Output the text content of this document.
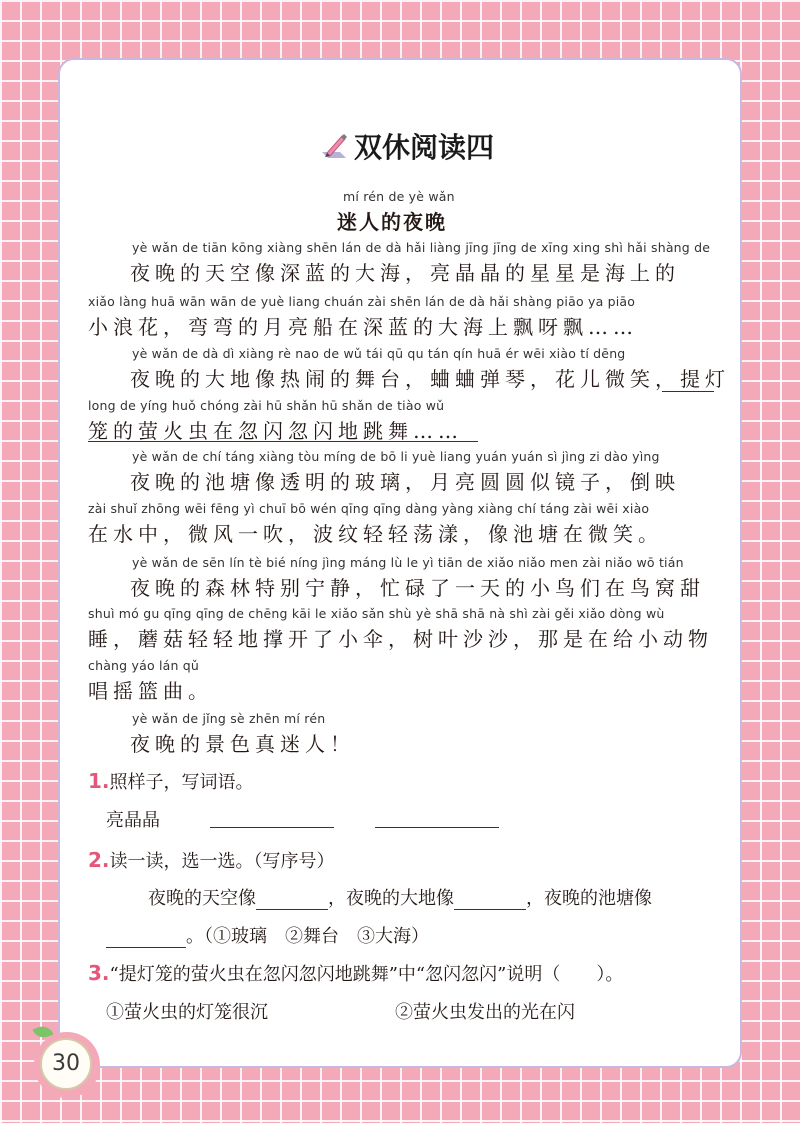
双休阅读四
mí rén de yè wǎn
迷人的夜晚
yè wǎn de tiān kōng xiàng shēn lán de dà hǎi liàng jīng jīng de xīng xing shì hǎi shàng de
夜晚的天空像深蓝的大海，亮晶晶的星星是海上的
xiǎo làng huā wān wān de yuè liang chuán zài shēn lán de dà hǎi shàng piāo ya piāo
小浪花，弯弯的月亮船在深蓝的大海上飘呀飘……
yè wǎn de dà dì xiàng rè nao de wǔ tái qū qu tán qín huā ér wēi xiào tí dēng
夜晚的大地像热闹的舞台，蛐蛐弹琴，花儿微笑，提灯
long de yíng huǒ chóng zài hū shǎn hū shǎn de tiào wǔ
笼的萤火虫在忽闪忽闪地跳舞……
yè wǎn de chí táng xiàng tòu míng de bō li yuè liang yuán yuán sì jìng zi dào yìng
夜晚的池塘像透明的玻璃，月亮圆圆似镜子，倒映
zài shuǐ zhōng wēi fēng yì chuī bō wén qīng qīng dàng yàng xiàng chí táng zài wēi xiào
在水中，微风一吹，波纹轻轻荡漾，像池塘在微笑。
yè wǎn de sēn lín tè bié níng jìng máng lù le yì tiān de xiǎo niǎo men zài niǎo wō tián
夜晚的森林特别宁静，忙碌了一天的小鸟们在鸟窝甜
shuì mó gu qīng qīng de chēng kāi le xiǎo sǎn shù yè shā shā nà shì zài gěi xiǎo dòng wù
睡，蘑菇轻轻地撑开了小伞，树叶沙沙，那是在给小动物
chàng yáo lán qǔ
唱摇篮曲。
yè wǎn de jǐng sè zhēn mí rén
夜晚的景色真迷人！
1.照样子，写词语。
亮晶晶
2.读一读，选一选。（写序号）
夜晚的天空像	，夜晚的大地像	，夜晚的池塘像
。（①玻璃　②舞台　③大海）
3.“提灯笼的萤火虫在忽闪忽闪地跳舞”中“忽闪忽闪”说明（　　）。
①萤火虫的灯笼很沉	②萤火虫发出的光在闪
30
